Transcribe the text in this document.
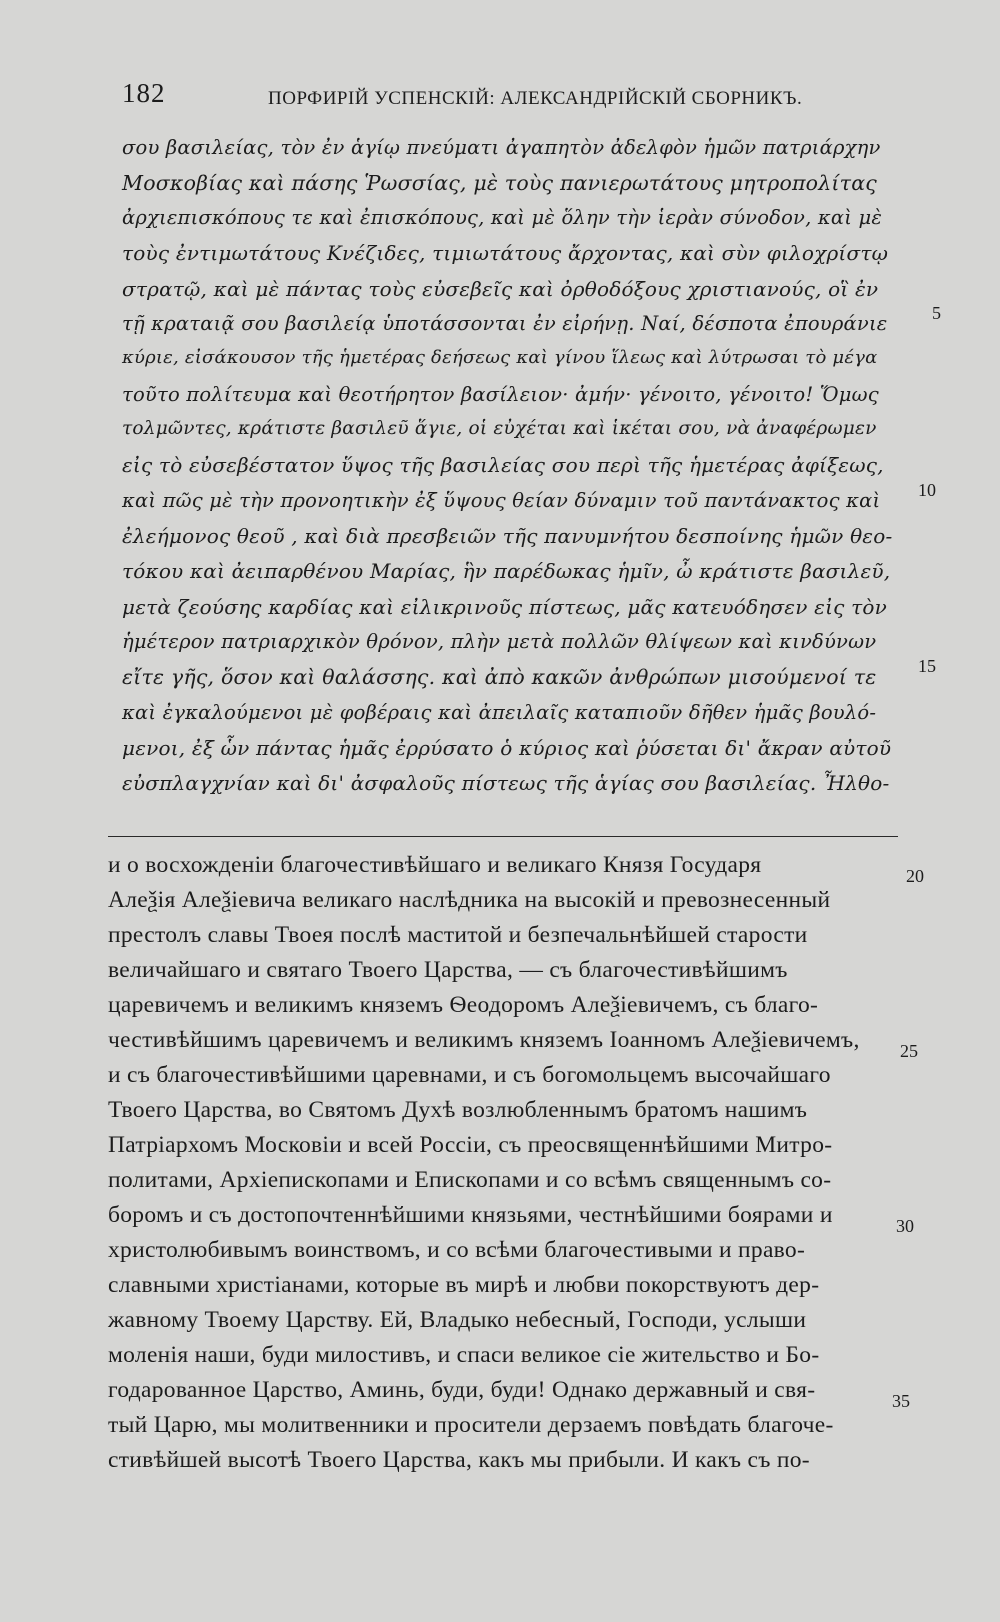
182	ПОРФИРІЙ УСПЕНСКІЙ: АЛЕКСАНДРІЙСКІЙ СБОРНИКЪ.
σου βασιλείας, τὸν ἐν ἁγίῳ πνεύματι ἀγαπητὸν ἀδελφὸν ἡμῶν πατριάρχην
Μοσκοβίας καὶ πάσης Ῥωσσίας, μὲ τοὺς πανιερωτάτους μητροπολίτας
ἀρχιεπισκόπους τε καὶ ἐπισκόπους, καὶ μὲ ὅλην τὴν ἱερὰν σύνοδον, καὶ μὲ
τοὺς ἐντιμωτάτους Κνέζιδες, τιμιωτάτους ἄρχοντας, καὶ σὺν φιλοχρίστῳ
στρατῷ, καὶ μὲ πάντας τοὺς εὐσεβεῖς καὶ ὀρθοδόξους χριστιανούς, οἳ ἐν
τῇ κραταιᾷ σου βασιλείᾳ ὑποτάσσονται ἐν εἰρήνῃ. Ναί, δέσποτα ἐπουράνιε
κύριε, εἰσάκουσον τῆς ἡμετέρας δεήσεως καὶ γίνου ἵλεως καὶ λύτρωσαι τὸ μέγα
τοῦτο πολίτευμα καὶ θεοτήρητον βασίλειον· ἀμήν· γένοιτο, γένοιτο! Ὅμως
τολμῶντες, κράτιστε βασιλεῦ ἅγιε, οἱ εὐχέται καὶ ἱκέται σου, νὰ ἀναφέρωμεν
εἰς τὸ εὐσεβέστατον ὕψος τῆς βασιλείας σου περὶ τῆς ἡμετέρας ἀφίξεως,
καὶ πῶς μὲ τὴν προνοητικὴν ἐξ ὕψους θείαν δύναμιν τοῦ παντάνακτος καὶ
ἐλεήμονος θεοῦ , καὶ διὰ πρεσβειῶν τῆς πανυμνήτου δεσποίνης ἡμῶν θεο-
τόκου καὶ ἀειπαρθένου Μαρίας, ἣν παρέδωκας ἡμῖν, ὦ κράτιστε βασιλεῦ,
μετὰ ζεούσης καρδίας καὶ εἰλικρινοῦς πίστεως, μᾶς κατευόδησεν εἰς τὸν
ἡμέτερον πατριαρχικὸν θρόνον, πλὴν μετὰ πολλῶν θλίψεων καὶ κινδύνων
εἴτε γῆς, ὅσον καὶ θαλάσσης. καὶ ἀπὸ κακῶν ἀνθρώπων μισούμενοί τε
καὶ ἐγκαλούμενοι μὲ φοβέραις καὶ ἀπειλαῖς καταπιοῦν δῆθεν ἡμᾶς βουλό-
μενοι, ἐξ ὧν πάντας ἡμᾶς ἐρρύσατο ὁ κύριος καὶ ῥύσεται δι' ἄκραν αὐτοῦ
εὐσπλαγχνίαν καὶ δι' ἀσφαλοῦς πίστεως τῆς ἁγίας σου βασιλείας. Ἦλθο-
5
10
15
и о восхожденіи благочестивѣйшаго и великаго Князя Государя
Алеѯія Алеѯіевича великаго наслѣдника на высокій и превознесенный
престолъ славы Твоея послѣ маститой и безпечальнѣйшей старости
величайшаго и святаго Твоего Царства, — съ благочестивѣйшимъ
царевичемъ и великимъ княземъ Ѳеодоромъ Алеѯіевичемъ, съ благо-
честивѣйшимъ царевичемъ и великимъ княземъ Іоанномъ Алеѯіевичемъ,
и съ благочестивѣйшими царевнами, и съ богомольцемъ высочайшаго
Твоего Царства, во Святомъ Духѣ возлюбленнымъ братомъ нашимъ
Патріархомъ Московіи и всей Россіи, съ преосвященнѣйшими Митро-
политами, Архіепископами и Епископами и со всѣмъ священнымъ со-
боромъ и съ достопочтеннѣйшими князьями, честнѣйшими боярами и
христолюбивымъ воинствомъ, и со всѣми благочестивыми и право-
славными христіанами, которые въ мирѣ и любви покорствуютъ дер-
жавному Твоему Царству. Ей, Владыко небесный, Господи, услыши
моленія наши, буди милостивъ, и спаси великое сіе жительство и Бо-
годарованное Царство, Аминь, буди, буди! Однако державный и свя-
тый Царю, мы молитвенники и просители дерзаемъ повѣдать благоче-
стивѣйшей высотѣ Твоего Царства, какъ мы прибыли. И какъ съ по-
20
25
30
35
